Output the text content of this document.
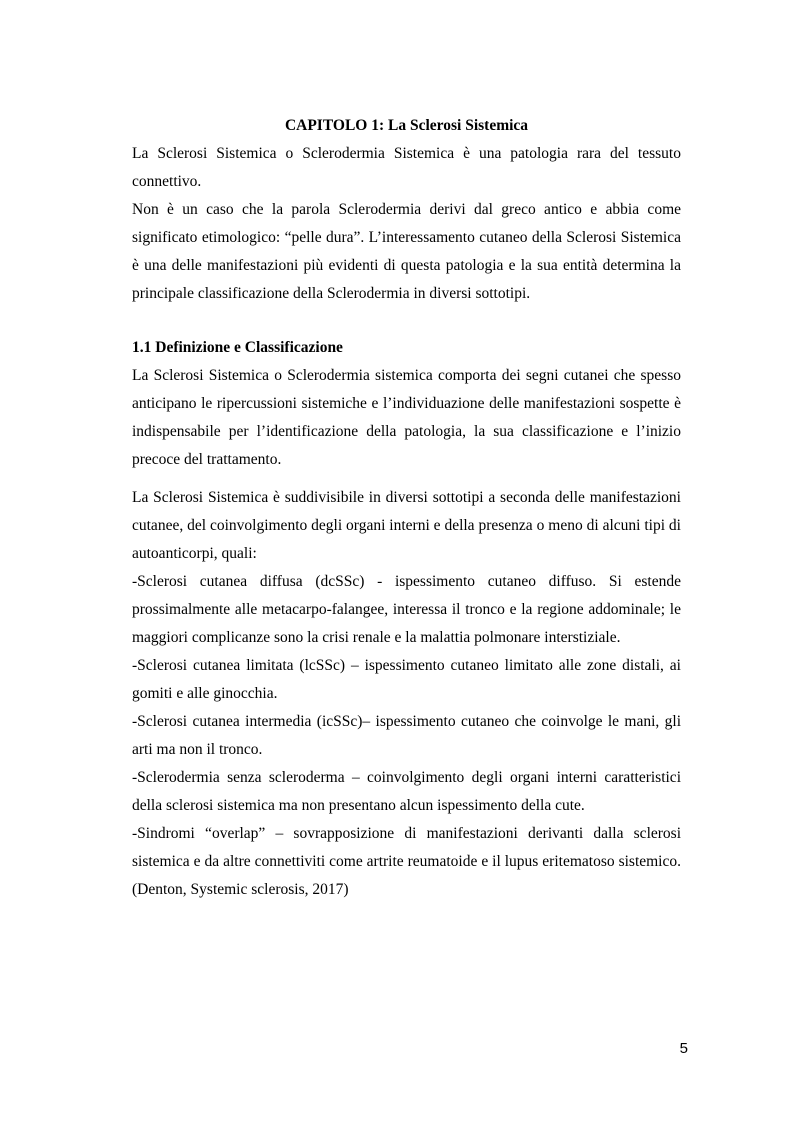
CAPITOLO 1: La Sclerosi Sistemica

La Sclerosi Sistemica o Sclerodermia Sistemica è una patologia rara del tessuto connettivo.

Non è un caso che la parola Sclerodermia derivi dal greco antico e abbia come significato etimologico: “pelle dura”. L’interessamento cutaneo della Sclerosi Sistemica è una delle manifestazioni più evidenti di questa patologia e la sua entità determina la principale classificazione della Sclerodermia in diversi sottotipi.

1.1 Definizione e Classificazione

La Sclerosi Sistemica o Sclerodermia sistemica comporta dei segni cutanei che spesso anticipano le ripercussioni sistemiche e l’individuazione delle manifestazioni sospette è indispensabile per l’identificazione della patologia, la sua classificazione e l’inizio precoce del trattamento.

La Sclerosi Sistemica è suddivisibile in diversi sottotipi a seconda delle manifestazioni cutanee, del coinvolgimento degli organi interni e della presenza o meno di alcuni tipi di autoanticorpi, quali:

-Sclerosi cutanea diffusa (dcSSc) - ispessimento cutaneo diffuso. Si estende prossimalmente alle metacarpo-falangee, interessa il tronco e la regione addominale; le maggiori complicanze sono la crisi renale e la malattia polmonare interstiziale.

-Sclerosi cutanea limitata (lcSSc) – ispessimento cutaneo limitato alle zone distali, ai gomiti e alle ginocchia.

-Sclerosi cutanea intermedia (icSSc)– ispessimento cutaneo che coinvolge le mani, gli arti ma non il tronco.

-Sclerodermia senza scleroderma – coinvolgimento degli organi interni caratteristici della sclerosi sistemica ma non presentano alcun ispessimento della cute.

-Sindromi “overlap” – sovrapposizione di manifestazioni derivanti dalla sclerosi sistemica e da altre connettiviti come artrite reumatoide e il lupus eritematoso sistemico. (Denton, Systemic sclerosis, 2017)

5
